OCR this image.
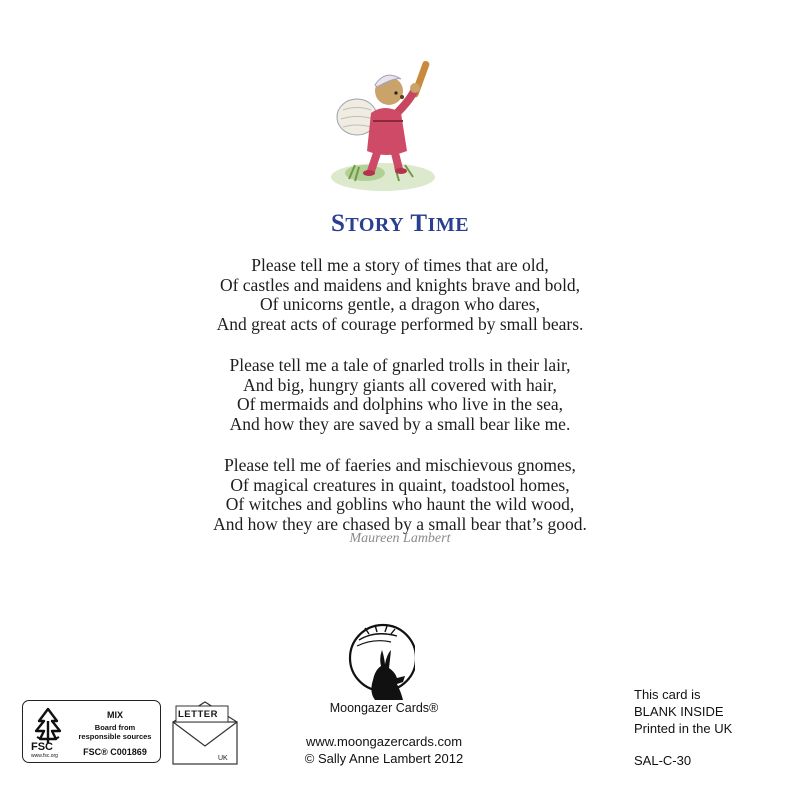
STORY TIME
Please tell me a story of times that are old,
Of castles and maidens and knights brave and bold,
Of unicorns gentle, a dragon who dares,
And great acts of courage performed by small bears.
Please tell me a tale of gnarled trolls in their lair,
And big, hungry giants all covered with hair,
Of mermaids and dolphins who live in the sea,
And how they are saved by a small bear like me.
Please tell me of faeries and mischievous gnomes,
Of magical creatures in quaint, toadstool homes,
Of witches and goblins who haunt the wild wood,
And how they are chased by a small bear that’s good.
Maureen Lambert
Moongazer Cards®
www.moongazercards.com
© Sally Anne Lambert 2012
FSC
www.fsc.org
MIX
Board from
responsible sources
FSC® C001869
LETTER
UK
This card is
BLANK INSIDE
Printed in the UK
SAL-C-30
